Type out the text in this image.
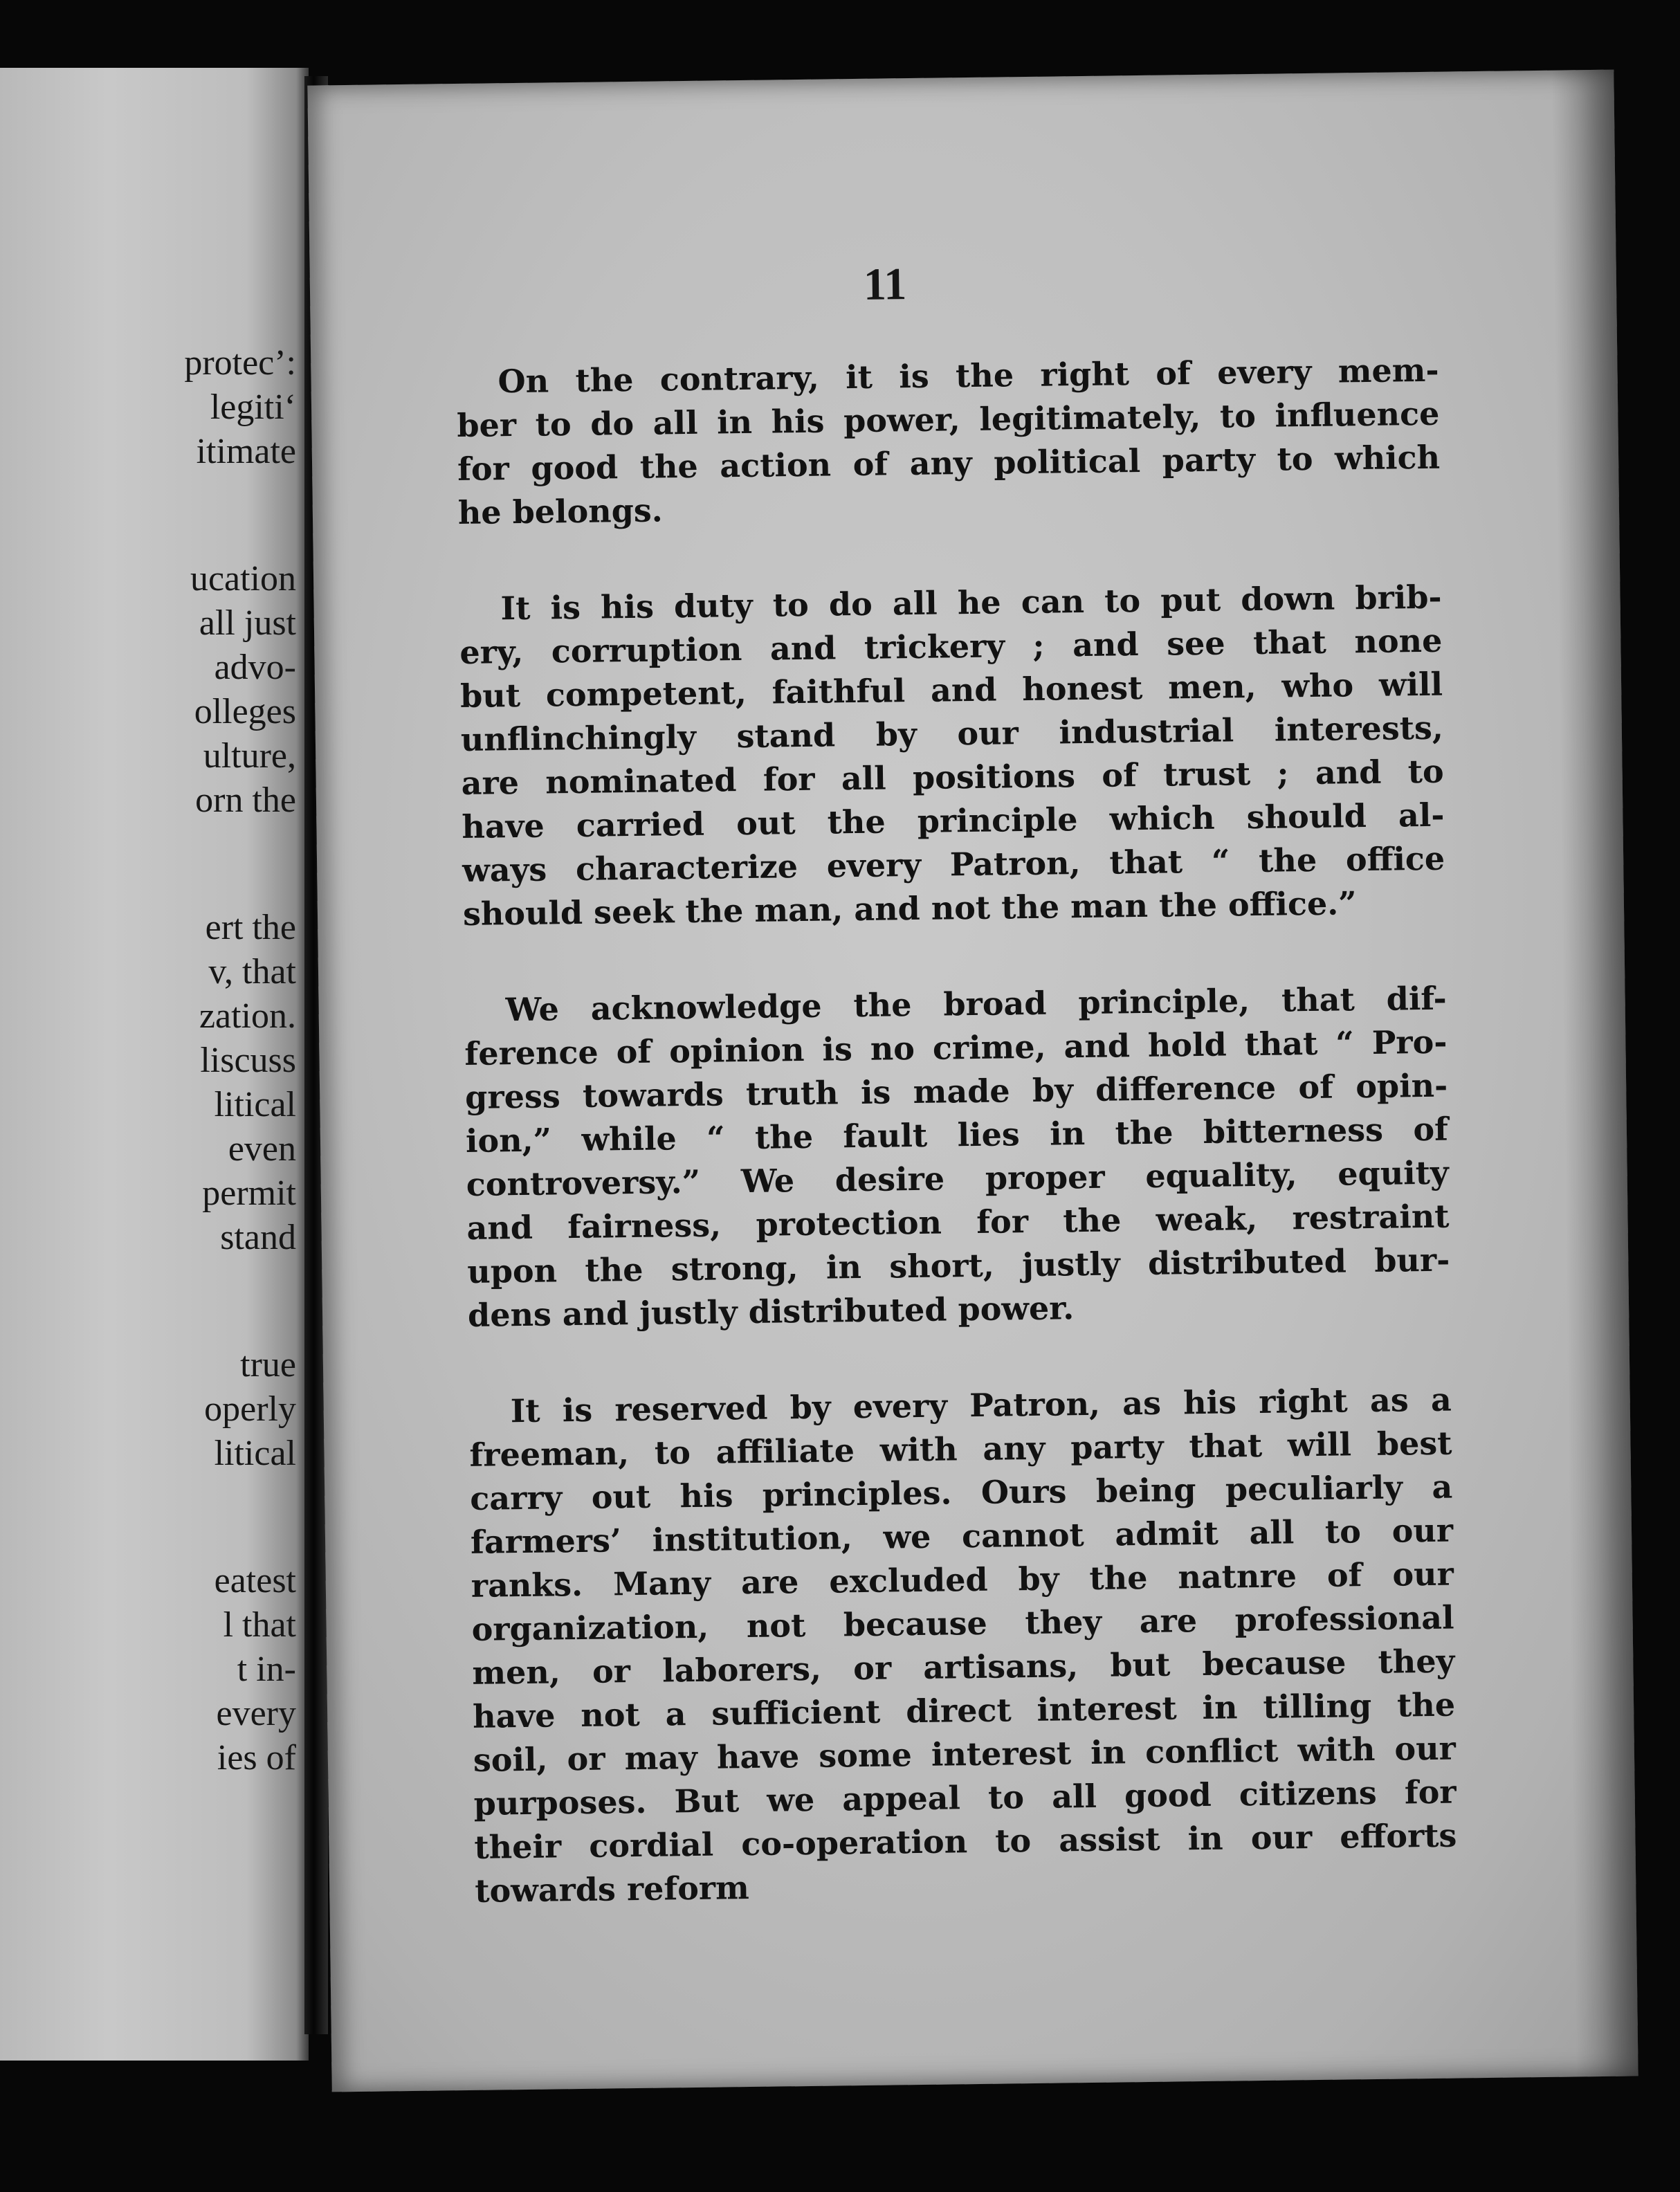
protec’:
legiti‘
itimate
ucation
all just
advo-
olleges
ulture,
orn the
ert the
v, that
zation.
liscuss
litical
even
permit
stand
true
operly
litical
eatest
l that
t in-
every
ies of
11
On the contrary, it is the right of every mem-
ber to do all in his power, legitimately, to influence
for good the action of any political party to which
he belongs.
It is his duty to do all he can to put down brib-
ery, corruption and trickery ; and see that none
but competent, faithful and honest men, who will
unflinchingly stand by our industrial interests,
are nominated for all positions of trust ; and to
have carried out the principle which should al-
ways characterize every Patron, that “ the office
should seek the man, and not the man the office.”
We acknowledge the broad principle, that dif-
ference of opinion is no crime, and hold that “ Pro-
gress towards truth is made by difference of opin-
ion,” while “ the fault lies in the bitterness of
controversy.” We desire proper equality, equity
and fairness, protection for the weak, restraint
upon the strong, in short, justly distributed bur-
dens and justly distributed power.
It is reserved by every Patron, as his right as a
freeman, to affiliate with any party that will best
carry out his principles. Ours being peculiarly a
farmers’ institution, we cannot admit all to our
ranks. Many are excluded by the natnre of our
organization, not because they are professional
men, or laborers, or artisans, but because they
have not a sufficient direct interest in tilling the
soil, or may have some interest in conflict with our
purposes. But we appeal to all good citizens for
their cordial co-operation to assist in our efforts
towards reform
